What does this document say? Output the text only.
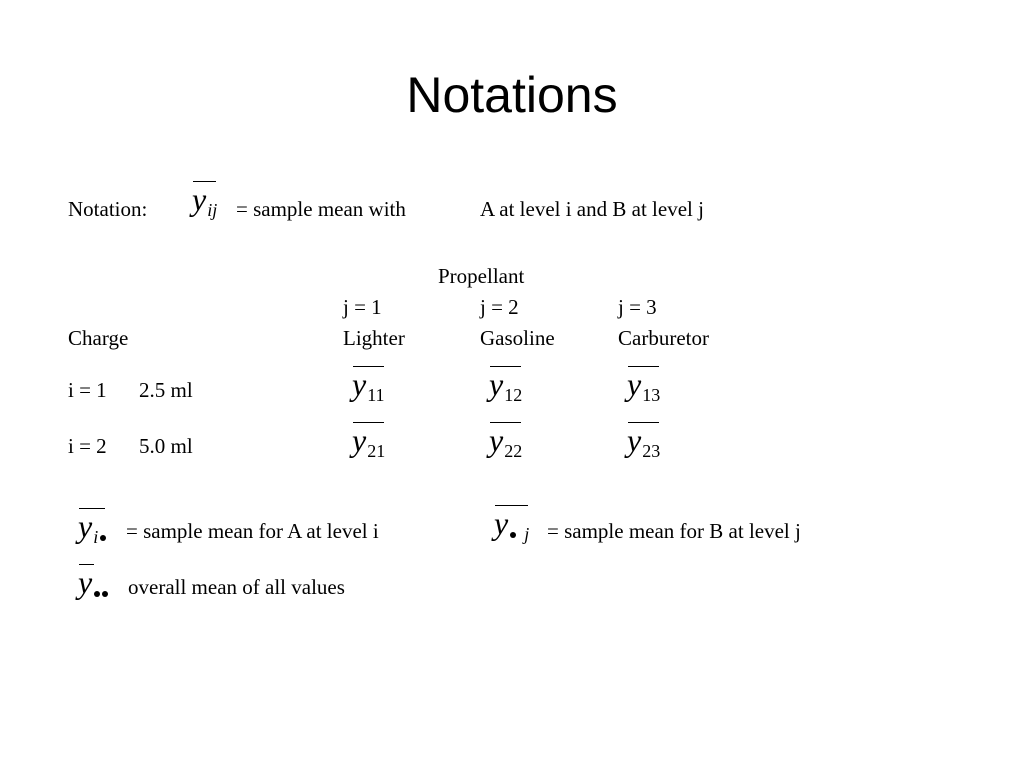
Notations
Notation: $y_{ij}$ = sample mean with	A at level i and B at level j
Propellant
j = 1	j = 2	j = 3
Charge	Lighter	Gasoline	Carburetor
i = 1 2.5 ml	$y_{11}$	$y_{12}$	$y_{13}$
i = 2 5.0 ml	$y_{21}$	$y_{22}$	$y_{23}$
$y_i$	= sample mean for A at level i	y $_j$ = sample mean for B at level j
y	overall mean of all values
